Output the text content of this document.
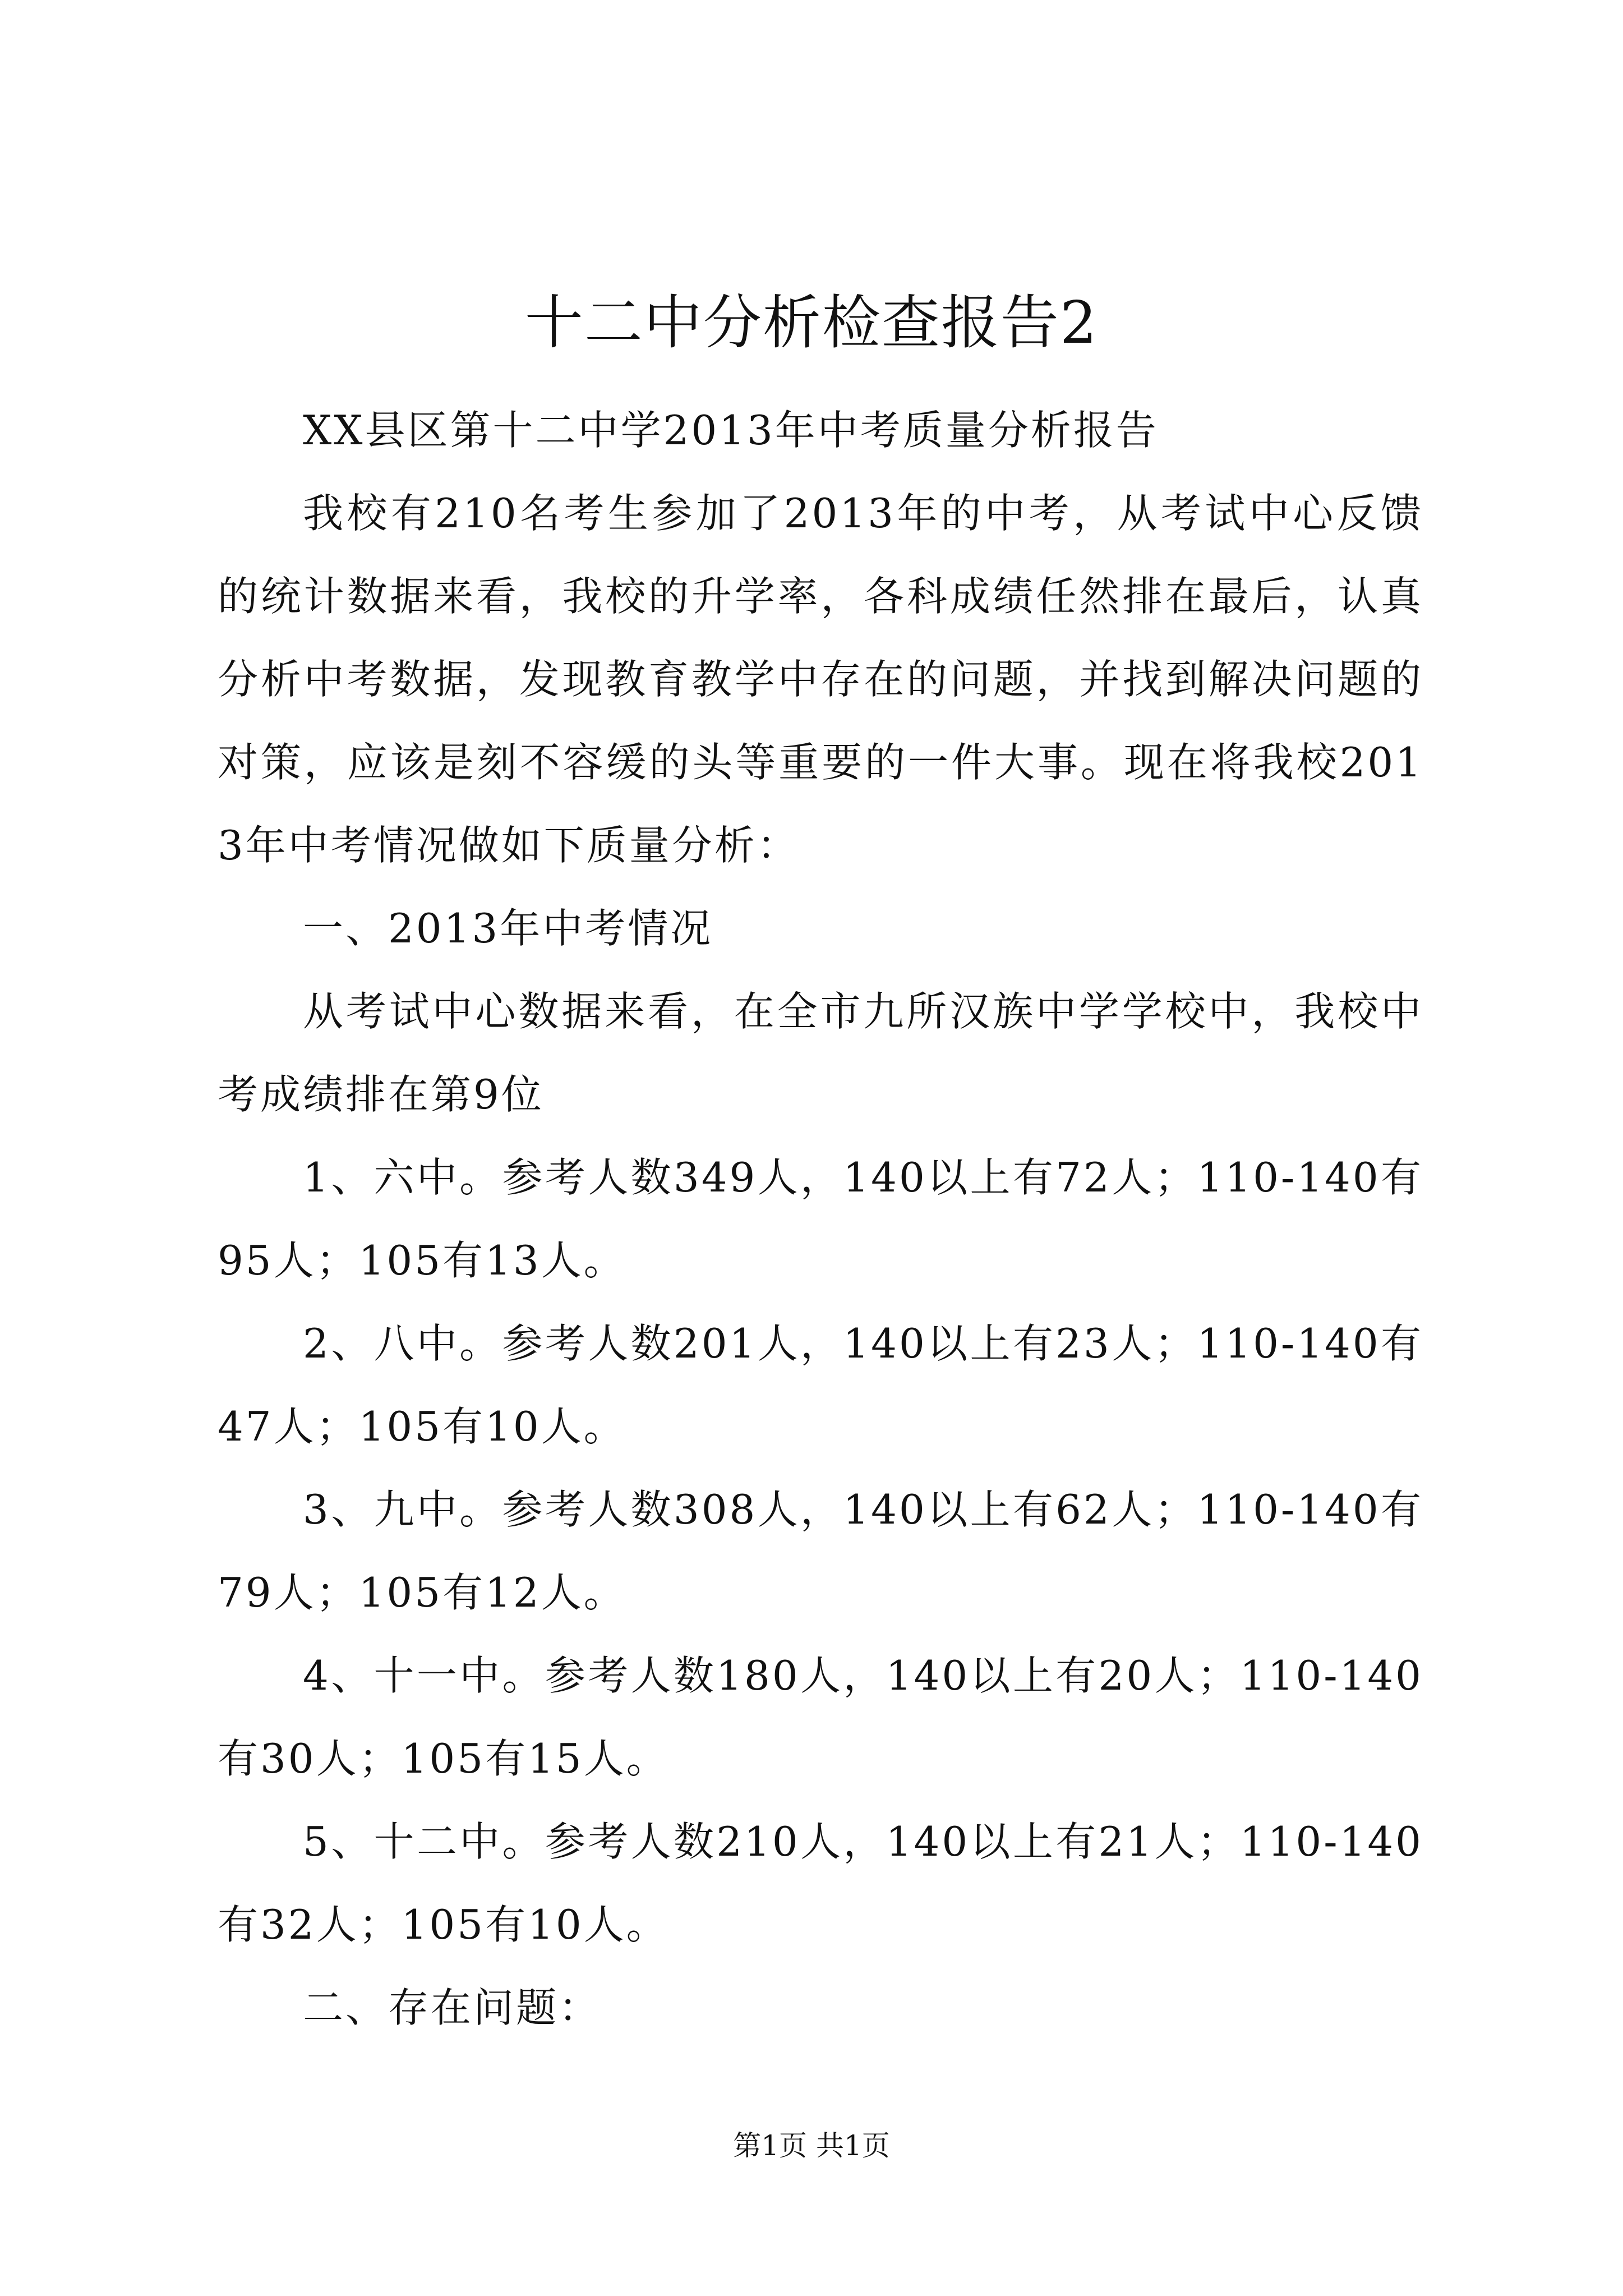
十二中分析检查报告2

XX县区第十二中学2013年中考质量分析报告

我校有210名考生参加了2013年的中考，从考试中心反馈的统计数据来看，我校的升学率，各科成绩任然排在最后，认真分析中考数据，发现教育教学中存在的问题，并找到解决问题的对策，应该是刻不容缓的头等重要的一件大事。现在将我校2013年中考情况做如下质量分析：

一、2013年中考情况

从考试中心数据来看，在全市九所汉族中学学校中，我校中考成绩排在第9位

1、六中。参考人数349人，140以上有72人；110-140有95人；105有13人。

2、八中。参考人数201人，140以上有23人；110-140有47人；105有10人。

3、九中。参考人数308人，140以上有62人；110-140有79人；105有12人。

4、十一中。参考人数180人，140以上有20人；110-140有30人；105有15人。

5、十二中。参考人数210人，140以上有21人；110-140有32人；105有10人。

二、存在问题：

第1页 共1页
